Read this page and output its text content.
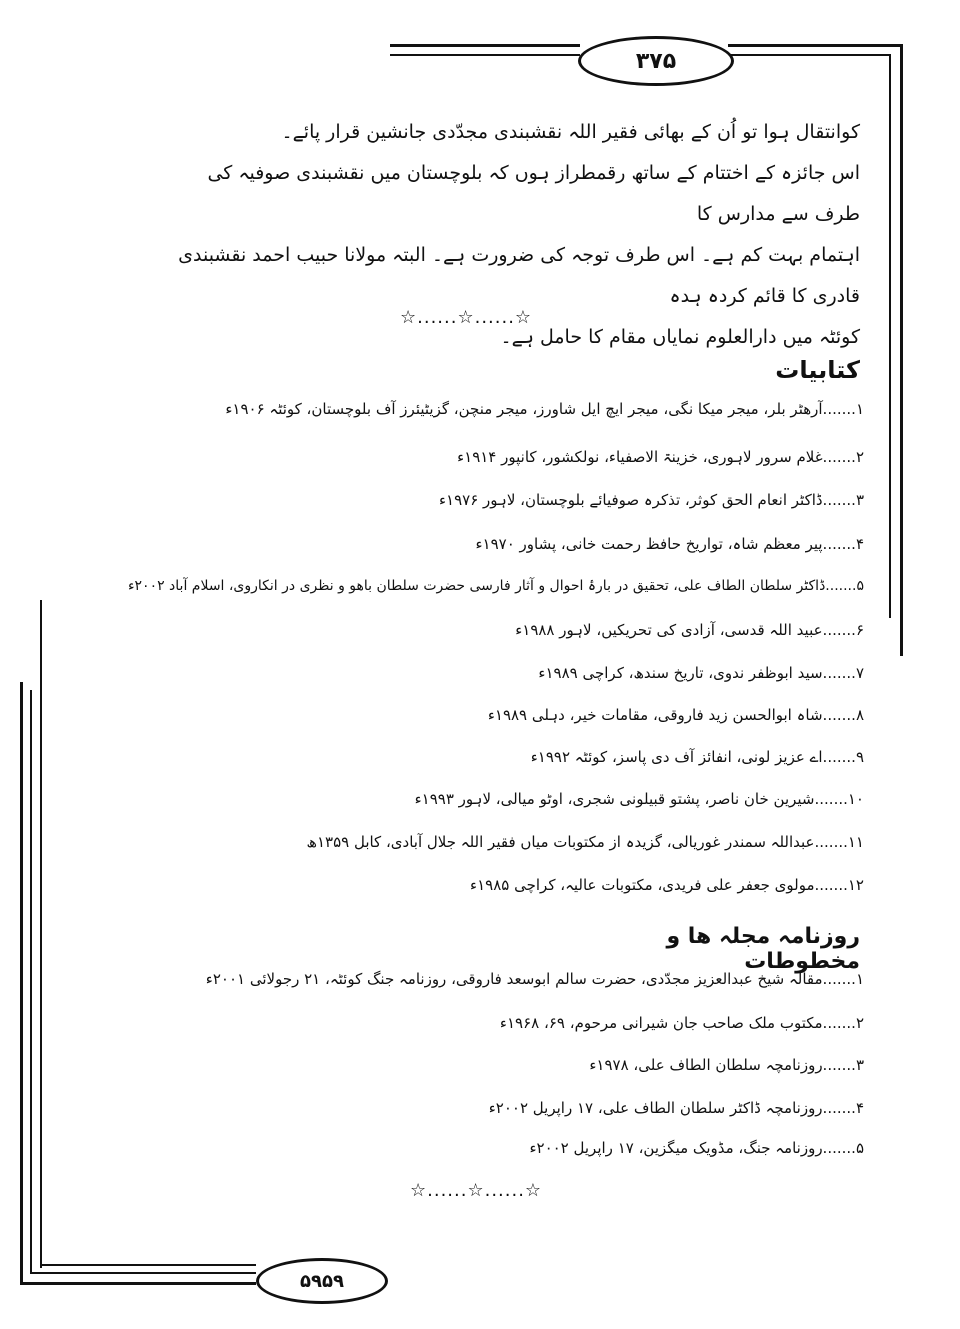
۳۷۵
کوانتقال ہوا تو اُن کے بھائی فقیر اللہ نقشبندی مجدّدی جانشین قرار پائے۔
اس جائزہ کے اختتام کے ساتھ رقمطراز ہوں کہ بلوچستان میں نقشبندی صوفیہ کی طرف سے مدارس کا
اہتمام بہت کم ہے۔ اس طرف توجہ کی ضرورت ہے۔ البتہ مولانا حبیب احمد نقشبندی قادری کا قائم کردہ ہدہ
کوئٹہ میں دارالعلوم نمایاں مقام کا حامل ہے۔
☆......☆......☆
کتابیات
۱.......آرھٹر بلر، میجر میکا نگی، میجر ایچ ایل شاورز، میجر منچن، گزیٹیئرز آف بلوچستان، کوئٹہ ۱۹۰۶ء
۲.......غلام سرور لاہوری، خزینۃ الاصفیاء، نولکشور، کانپور ۱۹۱۴ء
۳.......ڈاکٹر انعام الحق کوثر، تذکرہ صوفیائے بلوچستان، لاہور ۱۹۷۶ء
۴.......پیر معظم شاہ، تواریخ حافظ رحمت خانی، پشاور ۱۹۷۰ء
۵.......ڈاکٹر سلطان الطاف علی، تحقیق در بارۂ احوال و آثار فارسی حضرت سلطان باھو و نظری در انکاروی، اسلام آباد ۲۰۰۲ء
۶.......عبید اللہ قدسی، آزادی کی تحریکیں، لاہور ۱۹۸۸ء
۷.......سید ابوظفر ندوی، تاریخ سندھ، کراچی ۱۹۸۹ء
۸.......شاہ ابوالحسن زید فاروقی، مقامات خیر، دہلی ۱۹۸۹ء
۹.......اے عزیز لونی، انفائز آف دی پاسز، کوئٹہ ۱۹۹۲ء
۱۰.......شیرین خان ناصر، پشتو قبیلونی شجری، اوٹو میالی، لاہور ۱۹۹۳ء
۱۱.......عبداللہ سمندر غوریالی، گزیدہ از مکتوبات میاں فقیر اللہ جلال آبادی، کابل ۱۳۵۹ھ
۱۲.......مولوی جعفر علی فریدی، مکتوبات عالیہ، کراچی ۱۹۸۵ء
روزنامہ مجلہ ھا و مخطوطات
۱.......مقالہ شیخ عبدالعزیز مجدّدی، حضرت سالم ابوسعد فاروقی، روزنامہ جنگ کوئٹہ، ۲۱ رجولائی ۲۰۰۱ء
۲.......مکتوب ملک صاحب جان شیرانی مرحوم، ۶۹، ۱۹۶۸ء
۳.......روزنامچہ سلطان الطاف علی، ۱۹۷۸ء
۴.......روزنامچہ ڈاکٹر سلطان الطاف علی، ۱۷ راپریل ۲۰۰۲ء
۵.......روزنامہ جنگ، مڈویک میگزین، ۱۷ راپریل ۲۰۰۲ء
☆......☆......☆
۵۹۵۹
